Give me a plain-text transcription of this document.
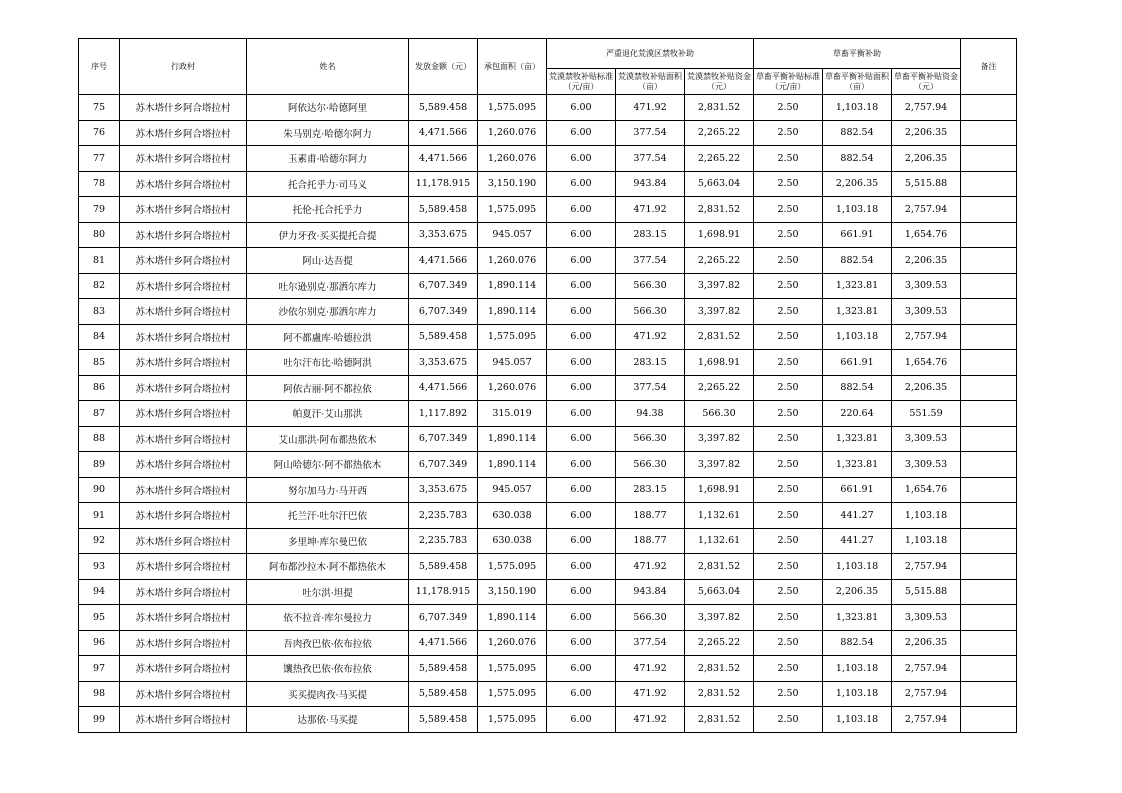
序号	行政村	姓名	发放金额（元）	承包面积（亩）	严重退化荒漠区禁牧补助			草畜平衡补助			备注
					荒漠禁牧补贴标准（元/亩）	荒漠禁牧补贴面积（亩）	荒漠禁牧补贴资金（元）	草畜平衡补贴标准（元/亩）	草畜平衡补贴面积（亩）	草畜平衡补贴资金（元）	
75	苏木塔什乡阿合塔拉村	阿依达尔·哈德阿里	5,589.458	1,575.095	6.00	471.92	2,831.52	2.50	1,103.18	2,757.94	
76	苏木塔什乡阿合塔拉村	朱马别克·哈德尔阿力	4,471.566	1,260.076	6.00	377.54	2,265.22	2.50	882.54	2,206.35	
77	苏木塔什乡阿合塔拉村	玉素甫·哈德尔阿力	4,471.566	1,260.076	6.00	377.54	2,265.22	2.50	882.54	2,206.35	
78	苏木塔什乡阿合塔拉村	托合托乎力·司马义	11,178.915	3,150.190	6.00	943.84	5,663.04	2.50	2,206.35	5,515.88	
79	苏木塔什乡阿合塔拉村	托伦·托合托乎力	5,589.458	1,575.095	6.00	471.92	2,831.52	2.50	1,103.18	2,757.94	
80	苏木塔什乡阿合塔拉村	伊力牙孜·买买提托合提	3,353.675	945.057	6.00	283.15	1,698.91	2.50	661.91	1,654.76	
81	苏木塔什乡阿合塔拉村	阿山·达吾提	4,471.566	1,260.076	6.00	377.54	2,265.22	2.50	882.54	2,206.35	
82	苏木塔什乡阿合塔拉村	吐尔逊别克·那洒尔库力	6,707.349	1,890.114	6.00	566.30	3,397.82	2.50	1,323.81	3,309.53	
83	苏木塔什乡阿合塔拉村	沙依尔别克·那洒尔库力	6,707.349	1,890.114	6.00	566.30	3,397.82	2.50	1,323.81	3,309.53	
84	苏木塔什乡阿合塔拉村	阿不都盧库·哈德拉洪	5,589.458	1,575.095	6.00	471.92	2,831.52	2.50	1,103.18	2,757.94	
85	苏木塔什乡阿合塔拉村	吐尔汗布比·哈德阿洪	3,353.675	945.057	6.00	283.15	1,698.91	2.50	661.91	1,654.76	
86	苏木塔什乡阿合塔拉村	阿依古丽·阿不都拉依	4,471.566	1,260.076	6.00	377.54	2,265.22	2.50	882.54	2,206.35	
87	苏木塔什乡阿合塔拉村	帕夏汗·艾山那洪	1,117.892	315.019	6.00	94.38	566.30	2.50	220.64	551.59	
88	苏木塔什乡阿合塔拉村	艾山那洪·阿布都热依木	6,707.349	1,890.114	6.00	566.30	3,397.82	2.50	1,323.81	3,309.53	
89	苏木塔什乡阿合塔拉村	阿山哈德尔·阿不都热依木	6,707.349	1,890.114	6.00	566.30	3,397.82	2.50	1,323.81	3,309.53	
90	苏木塔什乡阿合塔拉村	努尔加马力·马开西	3,353.675	945.057	6.00	283.15	1,698.91	2.50	661.91	1,654.76	
91	苏木塔什乡阿合塔拉村	托兰汗·吐尔汗巴依	2,235.783	630.038	6.00	188.77	1,132.61	2.50	441.27	1,103.18	
92	苏木塔什乡阿合塔拉村	多里坤·库尔曼巴依	2,235.783	630.038	6.00	188.77	1,132.61	2.50	441.27	1,103.18	
93	苏木塔什乡阿合塔拉村	阿布都沙拉木·阿不都热依木	5,589.458	1,575.095	6.00	471.92	2,831.52	2.50	1,103.18	2,757.94	
94	苏木塔什乡阿合塔拉村	吐尔洪·坦提	11,178.915	3,150.190	6.00	943.84	5,663.04	2.50	2,206.35	5,515.88	
95	苏木塔什乡阿合塔拉村	依不拉音·库尔曼拉力	6,707.349	1,890.114	6.00	566.30	3,397.82	2.50	1,323.81	3,309.53	
96	苏木塔什乡阿合塔拉村	吾肉孜巴依·依布拉依	4,471.566	1,260.076	6.00	377.54	2,265.22	2.50	882.54	2,206.35	
97	苏木塔什乡阿合塔拉村	馕热孜巴依·依布拉依	5,589.458	1,575.095	6.00	471.92	2,831.52	2.50	1,103.18	2,757.94	
98	苏木塔什乡阿合塔拉村	买买提肉孜·马买提	5,589.458	1,575.095	6.00	471.92	2,831.52	2.50	1,103.18	2,757.94	
99	苏木塔什乡阿合塔拉村	达那依·马买提	5,589.458	1,575.095	6.00	471.92	2,831.52	2.50	1,103.18	2,757.94	
